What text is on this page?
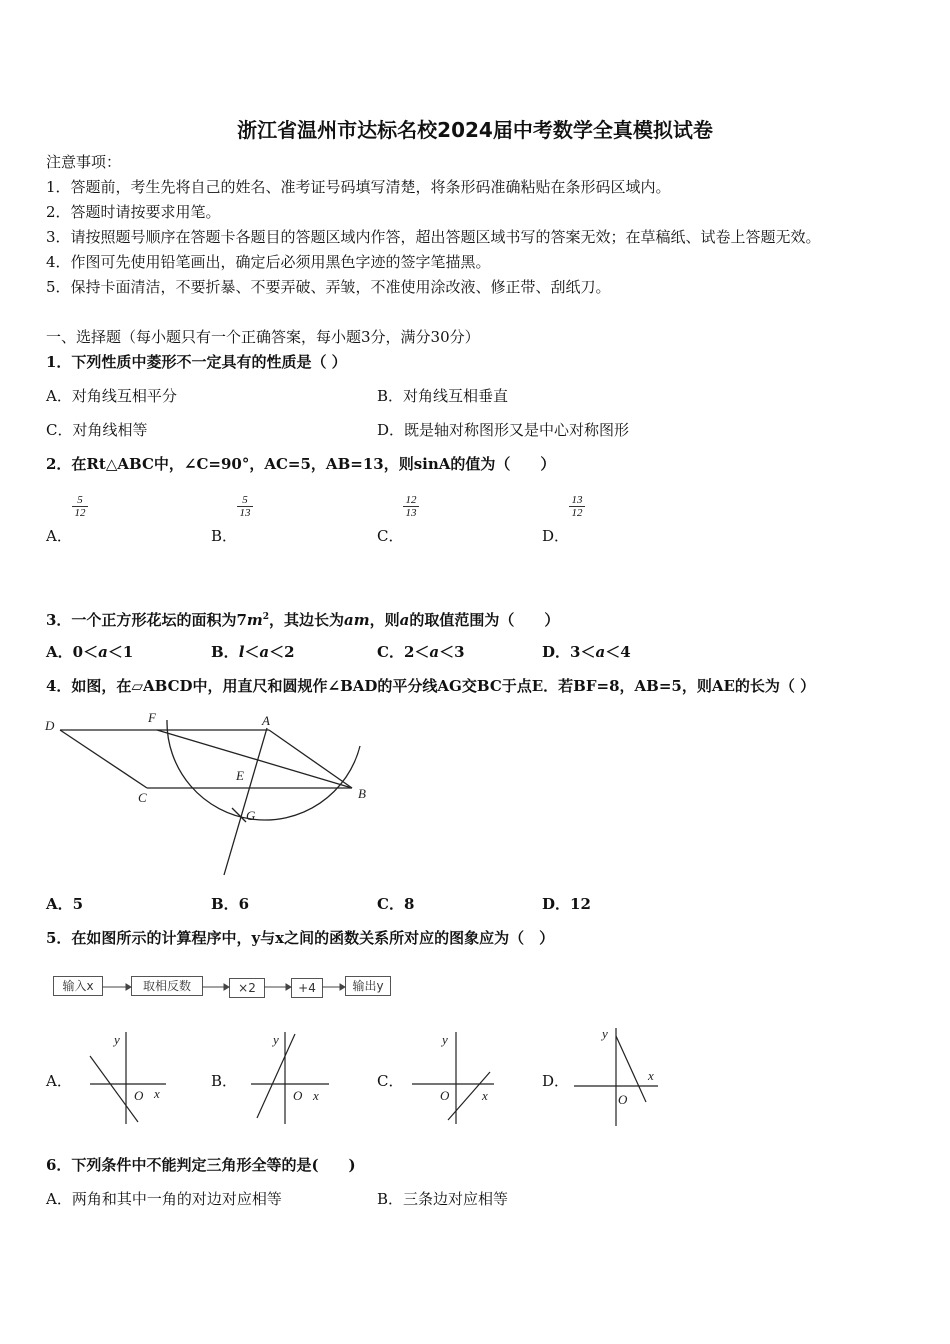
浙江省温州市达标名校2024届中考数学全真模拟试卷
注意事项：
1．答题前，考生先将自己的姓名、准考证号码填写清楚，将条形码准确粘贴在条形码区域内。
2．答题时请按要求用笔。
3．请按照题号顺序在答题卡各题目的答题区域内作答，超出答题区域书写的答案无效；在草稿纸、试卷上答题无效。
4．作图可先使用铅笔画出，确定后必须用黑色字迹的签字笔描黑。
5．保持卡面清洁，不要折暴、不要弄破、弄皱，不准使用涂改液、修正带、刮纸刀。
一、选择题（每小题只有一个正确答案，每小题3分，满分30分）
1．下列性质中菱形不一定具有的性质是（ ）
A．对角线互相平分	B．对角线互相垂直
C．对角线相等	D．既是轴对称图形又是中心对称图形
2．在Rt△ABC中，∠C=90°，AC=5，AB=13，则sinA的值为（　　）
$\frac{5}{12}$	$\frac{5}{13}$	$\frac{12}{13}$	$\frac{13}{12}$
A．	B．	C．	D．
3．一个正方形花坛的面积为$7m^2$，其边长为am，则a的取值范围为（　　）
A．0＜a＜1	B．l＜a＜2	C．2＜a＜3	D．3＜a＜4
4．如图，在▱ABCD中，用直尺和圆规作∠BAD的平分线AG交BC于点E．若BF=8，AB=5，则AE的长为（ ）
D
F	A
E
C	B
G
A．5	B．6	C．8	D．12
5．在如图所示的计算程序中，y与x之间的函数关系所对应的图象应为（　）
输入x	取相反数	×2	+4	输出y
A．
y
O x
B．
y
O x
C．
y
O	x
D．
y
O
x
6．下列条件中不能判定三角形全等的是(　　)
A．两角和其中一角的对边对应相等	B．三条边对应相等
